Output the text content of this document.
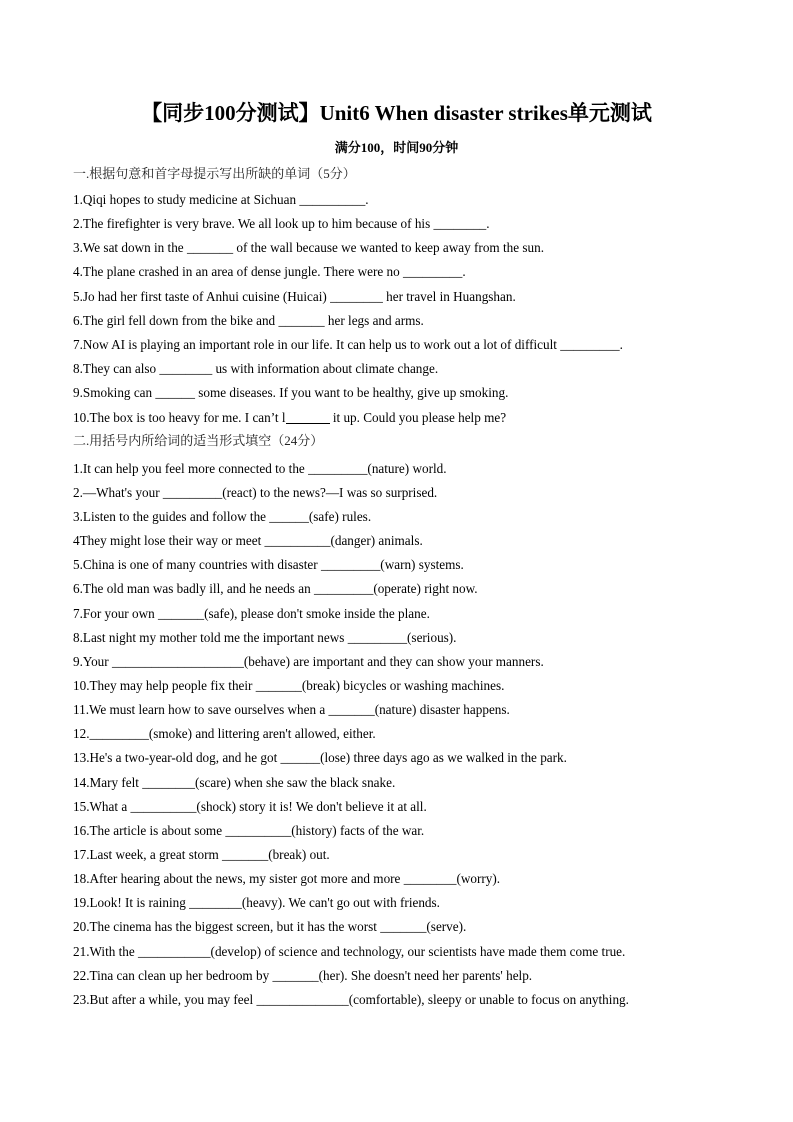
【同步100分测试】Unit6 When disaster strikes单元测试
满分100，时间90分钟
一.根据句意和首字母提示写出所缺的单词（5分）
1.Qiqi hopes to study medicine at Sichuan __________.
2.The firefighter is very brave. We all look up to him because of his ________.
3.We sat down in the _______ of the wall because we wanted to keep away from the sun.
4.The plane crashed in an area of dense jungle. There were no _________.
5.Jo had her first taste of Anhui cuisine (Huicai) ________ her travel in Huangshan.
6.The girl fell down from the bike and _______ her legs and arms.
7.Now AI is playing an important role in our life. It can help us to work out a lot of difficult _________.
8.They can also ________ us with information about climate change.
9.Smoking can ______ some diseases. If you want to be healthy, give up smoking.
10.The box is too heavy for me. I can’t l	it up. Could you please help me?
二.用括号内所给词的适当形式填空（24分）
1.It can help you feel more connected to the _________(nature) world.
2.—What's your _________(react) to the news?—I was so surprised.
3.Listen to the guides and follow the ______(safe) rules.
4They might lose their way or meet __________(danger) animals.
5.China is one of many countries with disaster _________(warn) systems.
6.The old man was badly ill, and he needs an _________(operate) right now.
7.For your own _______(safe), please don't smoke inside the plane.
8.Last night my mother told me the important news _________(serious).
9.Your ____________________(behave) are important and they can show your manners.
10.They may help people fix their _______(break) bicycles or washing machines.
11.We must learn how to save ourselves when a _______(nature) disaster happens.
12._________(smoke) and littering aren't allowed, either.
13.He's a two-year-old dog, and he got ______(lose) three days ago as we walked in the park.
14.Mary felt ________(scare) when she saw the black snake.
15.What a __________(shock) story it is! We don't believe it at all.
16.The article is about some __________(history) facts of the war.
17.Last week, a great storm _______(break) out.
18.After hearing about the news, my sister got more and more ________(worry).
19.Look! It is raining ________(heavy). We can't go out with friends.
20.The cinema has the biggest screen, but it has the worst _______(serve).
21.With the ___________(develop) of science and technology, our scientists have made them come true.
22.Tina can clean up her bedroom by _______(her). She doesn't need her parents' help.
23.But after a while, you may feel ______________(comfortable), sleepy or unable to focus on anything.
